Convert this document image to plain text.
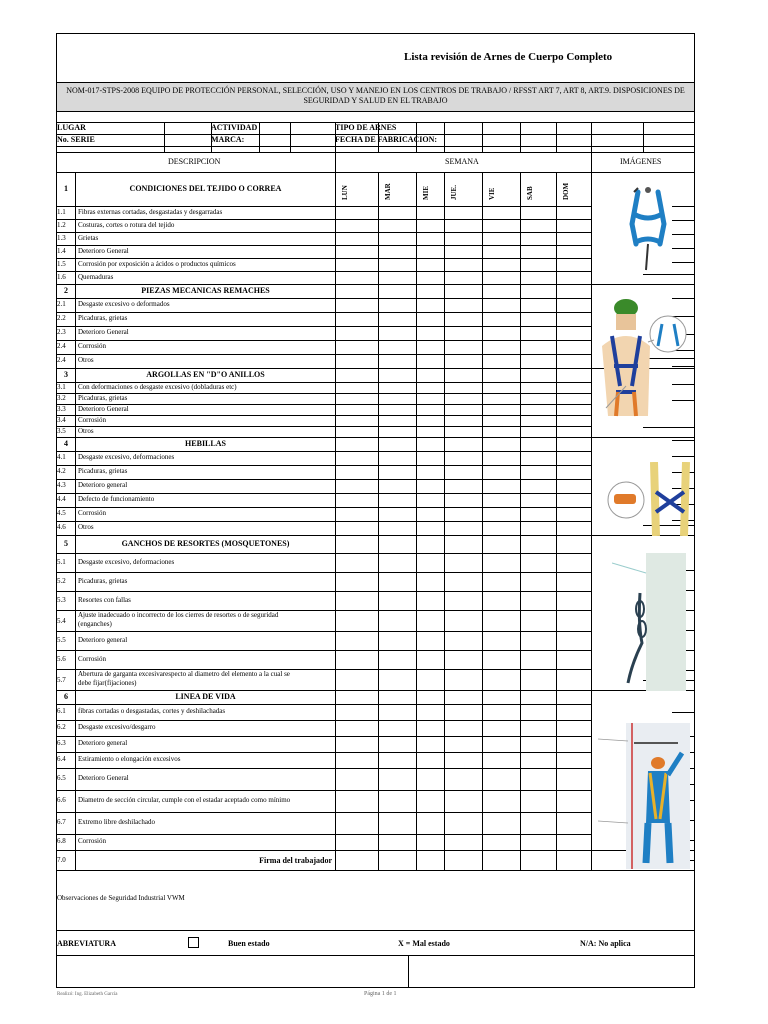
Lista revisión de Arnes de Cuerpo Completo
NOM-017-STPS-2008 EQUIPO DE PROTECCIÓN PERSONAL, SELECCIÓN, USO Y MANEJO EN LOS CENTROS DE TRABAJO / RFSST ART 7, ART 8, ART.9. DISPOSICIONES DE SEGURIDAD Y SALUD EN EL TRABAJO
LUGAR	ACTIVIDAD	TIPO DE ARNES
No. SERIE	MARCA:	FECHA DE FABRICACION:
DESCRIPCION	SEMANA	IMÁGENES
LUN	MAR	MIE	JUE.	VIE	SAB	DOM
1	CONDICIONES DEL TEJIDO O CORREA
1.1	Fibras externas cortadas, desgastadas y desgarradas
1.2	Costuras, cortes o rotura del tejido
1.3	Grietas
1.4	Deterioro General
1.5	Corrosión por exposición a ácidos o productos químicos
1.6	Quemaduras
2	PIEZAS MECANICAS REMACHES
2.1	Desgaste excesivo o deformados
2.2	Picaduras, grietas
2.3	Deterioro General
2.4	Corrosión
2.4	Otros
3	ARGOLLAS EN "D"O ANILLOS
3.1	Con deformaciones o desgaste excesivo (dobladuras etc)
3.2	Picaduras, grietas
3.3	Deterioro General
3.4	Corrosión
3.5	Otros
4	HEBILLAS
4.1	Desgaste excesivo, deformaciones
4.2	Picaduras, grietas
4.3	Deterioro general
4.4	Defecto de funcionamiento
4.5	Corrosión
4.6	Otros
5	GANCHOS DE RESORTES (MOSQUETONES)
5.1	Desgaste excesivo, deformaciones
5.2	Picaduras, grietas
5.3	Resortes con fallas
5.4
Ajuste inadecuado o incorrecto de los cierres de resortes o de seguridad
(enganches)
5.5	Deterioro general
5.6	Corrosión
5.7
Abertura de garganta excesivarespecto al diametro del elemento a la cual se
debe fijar(fijaciones)
6	LINEA DE VIDA
6.1	fibras cortadas o desgastadas, cortes y deshilachadas
6.2	Desgaste excesivo/desgarro
6.3	Deterioro general
6.4	Estiramiento o elongación excesivos
6.5	Deterioro General
6.6	Diametro de sección circular, cumple con el estadar aceptado como mínimo
6.7	Extremo libre deshilachado
6.8	Corrosión
7.0	Firma del trabajador
Observaciones de Seguridad Industrial VWM
ABREVIATURA	Buen estado	X = Mal estado	N/A: No aplica
Realizó: Ing. Elizabeth García	Página 1 de 1
